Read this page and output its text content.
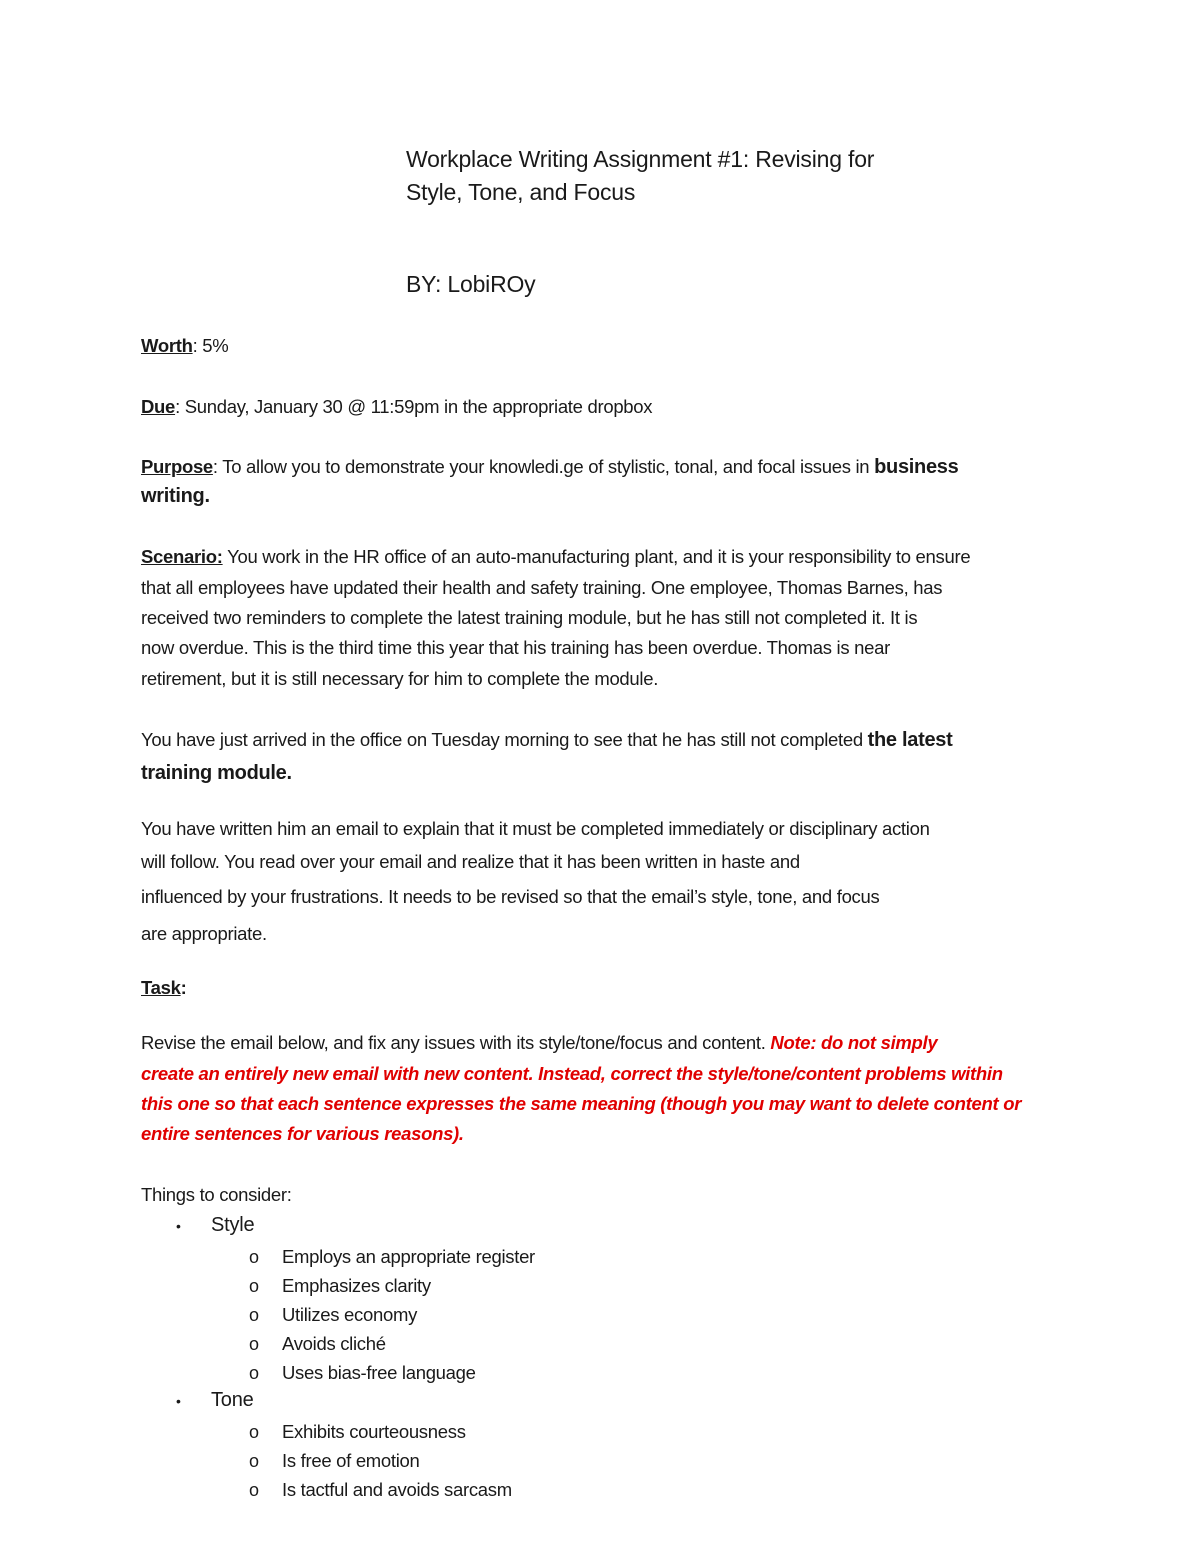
Workplace Writing Assignment #1: Revising for
Style, Tone, and Focus
BY: LobiROy
Worth: 5%
Due: Sunday, January 30 @ 11:59pm in the appropriate dropbox
Purpose: To allow you to demonstrate your knowledi.ge of stylistic, tonal, and focal issues in business
writing.
Scenario: You work in the HR office of an auto-manufacturing plant, and it is your responsibility to ensure
that all employees have updated their health and safety training. One employee, Thomas Barnes, has
received two reminders to complete the latest training module, but he has still not completed it. It is
now overdue. This is the third time this year that his training has been overdue. Thomas is near
retirement, but it is still necessary for him to complete the module.
You have just arrived in the office on Tuesday morning to see that he has still not completed the latest
training module.
You have written him an email to explain that it must be completed immediately or disciplinary action
will follow. You read over your email and realize that it has been written in haste and
influenced by your frustrations. It needs to be revised so that the email’s style, tone, and focus
are appropriate.
Task:
Revise the email below, and fix any issues with its style/tone/focus and content. Note: do not simply
create an entirely new email with new content. Instead, correct the style/tone/content problems within
this one so that each sentence expresses the same meaning (though you may want to delete content or
entire sentences for various reasons).
Things to consider:
• Style
o Employs an appropriate register
o Emphasizes clarity
o Utilizes economy
o Avoids cliché
o Uses bias-free language
• Tone
o Exhibits courteousness
o Is free of emotion
o Is tactful and avoids sarcasm
